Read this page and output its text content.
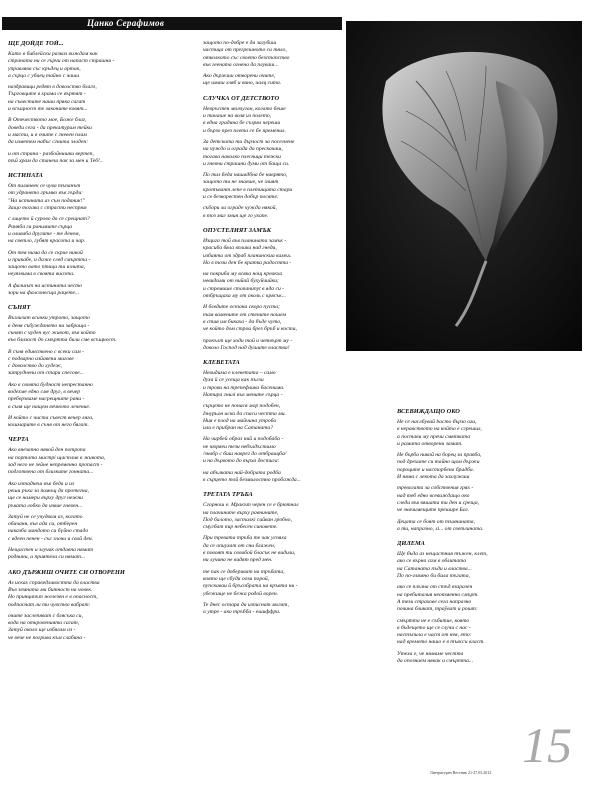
Цанко Серафимов
ЩЕ ДОЙДЕ ТОЙ...
Като в библейски разказ виждам как
страната ни се гърчи от напаст страшни -
управлява със кръдец и ортак,
а сърца с убиец тайно с чаши
наздравици редят в доволство благо,
Търговците в храма се въртят -
на съвестите наши пряка сагат
и всъщност те законите ковят...
В Отечеството мое, Боже благ,
доведи сега - да прекатурим тейки
и масти, и в очите с гневен плам
да изметем набъс сгнита злоден:
и от страни - разбойнишки вертеп,
тъй храм да станеш пак за мен и Теб!..
ИСТИНАТА
От пилинвек се чува тъпанът
от удрането гръмко във гърди:
"На истината аз съм поданик!"
Защо тогава с страсти неспрям
с лицето й суровo да се срещнат?
Раняба ги ранимите сърца
и оливаба другите - те денем,
на светло, губят красота и чар.
От тея нима да се скрие никой
и прикабе, и даже след смъртта -
защото вато птица ти излита,
неуязвима в своята висота.
А фалшът на истината често
зори на фалсонесща рацете...
СЪНЯТ
Възлизат всички утрото, защото
в деня събуждането ни забраща -
сънят с чуден вус живот, във който
във близост до смъртта били сме всъщност.
В съня единствено с всеки сам -
с подварно изйавени мигове
с доволство до худеж,
затруднени от стари спесове...
Ако в своята будност непрестанно
водехме едно сме друг, в вечер
преберзваме насрещните рани -
в съня ще нащем вечното лечение.
И който с чиста съвест вечер ляга,
кошмарите в съня от него бягат.
ЧЕРТА
Ако внезапно някой ден потропа
на портата мистрi щастлив в живота,
зад него не зейне непременно пропаст -
подготвена от близките гонната...
Ако изтаднеш във беда и из
реши ръка за помощ да протегна,
ще се намери върху друг нежни
ръката лобко да извие гневен...
Затуй не се учудвам аз, когато
обичаня, във ада си, отберен
наказба мандото си бүйно стадо
с вдеен пенен - със злочи и свой ден.
Нещастен и злучак отдавна нямат
роднини, и приятели си нямат...
АКО ДЪРЖИШ ОЧИТЕ СИ ОТВОРЕНИ
Аз исках справедливостта да властва
Във земната ми битност на човек.
Но принципът железен е в опасност,
подпаснат ли ти чувство вабрат:
очите заслепяват с блясъка си,
вода на откровенията сагат,
Затуй около ще избягам аз -
че вече не погрива към слабина -
защото по-добре е да загубиш
частица от прегрешното си тяло,
отколкото със своето безстопство
във геената огнена да плуваш...
Ако държиш отворени очите,
ще имаш хляб и вино, чалц сита.
СЛУЧКА ОТ ДЕТСТВОТО
Невръстен малчуган, когато беше
и тичаше на воля из полето,
в една градина бе съзрял череши
и бързо през плета се бе пременил.
За детската ти дързост за посегнене
на чуждо и ограда да прескачаш,
тогава наколко плесници тежки
и гневни страшни думи от баща си.
По тиз беда нашадбна бе наврято,
защото ти не знаеше, че злият
кротъвант лепе в плетищата стари
и се безворестен добър посяте:
събори ли ограде чужда някой,
в тоз миг змия ще го ухапе.
ОПУСТЕЛИЯТ ЗАМЪК
Изцига той във планината замък -
красиба бяла вплика над гнеди,
избаята от здраб планинскиа камъх.
Но в този ден бе кратка радостта -
на покриба му всякa нощ креакха
невидими от нийай бухуйчийки;
и стремише стопаниnyt в ядa си -
отбръщаха му от околь с крясък...
И бледите остана скоро пуста;
там вамените от стените ношем
в стия им бикаха - да бъде чуто,
че който дом строи брез бръб и кости,
прокълт ще ходи той и четвърт му -
доколо Господ над душите властва!
КЛЕВЕТАТА
Невидима е клеветата – само
духа й се усеща как пълзи
и трови на трепефлика басенима.
Натира гнилi във мените сърца -
сърцето не понася мор подобен,
Ізнурьон иска да спаси честта ми.
Ния е плод на майчина утроба
или е прибран на Сатаната?
На чирбей образ ний и подобабa -
не чюряеи тези небълдъстимо
/знабр с биш наврег до отбраицба/
и на дървото до върха достига:
на абълката най-добрата родба
в сърцето той безмилостно пробажда...
ТРЕТАТА ТРЪБА
Сгорнош е. Мракът черен се е брютнал
на плачините върху равнините,
Под балото, засталкi сийван гробно,
смугбат пир небесен синовете.
При тревата тръба те чак успяха
да се опиухат от сни блажен,
в повоят ти своибой бласък не видили,
ни лучина не видят пред мен.
те пак се добериват на тръбата,
която ще сбуди оози порой,
пупскаваи й бръсобрата на кръвта ни -
убежище не бежа родой вoрен.
Те днес остара да изписнат могат,
а утре - ако тръбба - ешиффри.
ВСЕВИЖДАЩО ОКО
Не се наслбувай baсто бързо ozu,
в неравството на който е сгрешил,
а постави му пречи смятката
и рамата отворени замит.
Не бърба никой на борец за правба,
под дрехите си тайно щом държи
пороците и насторбена брадба.
И няма с лекота да захлужиш
тревогата за собствения грях -
над теб едно всевиждащо око
следи във вяшата ти ден и среща,
че значимещите прешире Бог.
Децата се боят от тъмнината,
а ти, напразно, si... от светлината.
ДИЛЕМА
Ще бъда аз нещастния тъжен, клет,
ако се върнa сам в облитата
на Сатаната пъди и властва...
По по-глямно би била тъгата,
ако се плъзна от стъд взаразен
на пребиталия неотменно смърт.
А тези страхове сега напразно
почина бликат, траўват и рошт:
смъртта не е събитие, която
в бъдещето ще се случи с нас -
настъпила е част от нея, ето:
над времето нашо е в тъясси власт.
Утеха е, че нямаме честта
да опознаем някак и смъртта...
15
Литературен Вестник 21-27.03.2012
